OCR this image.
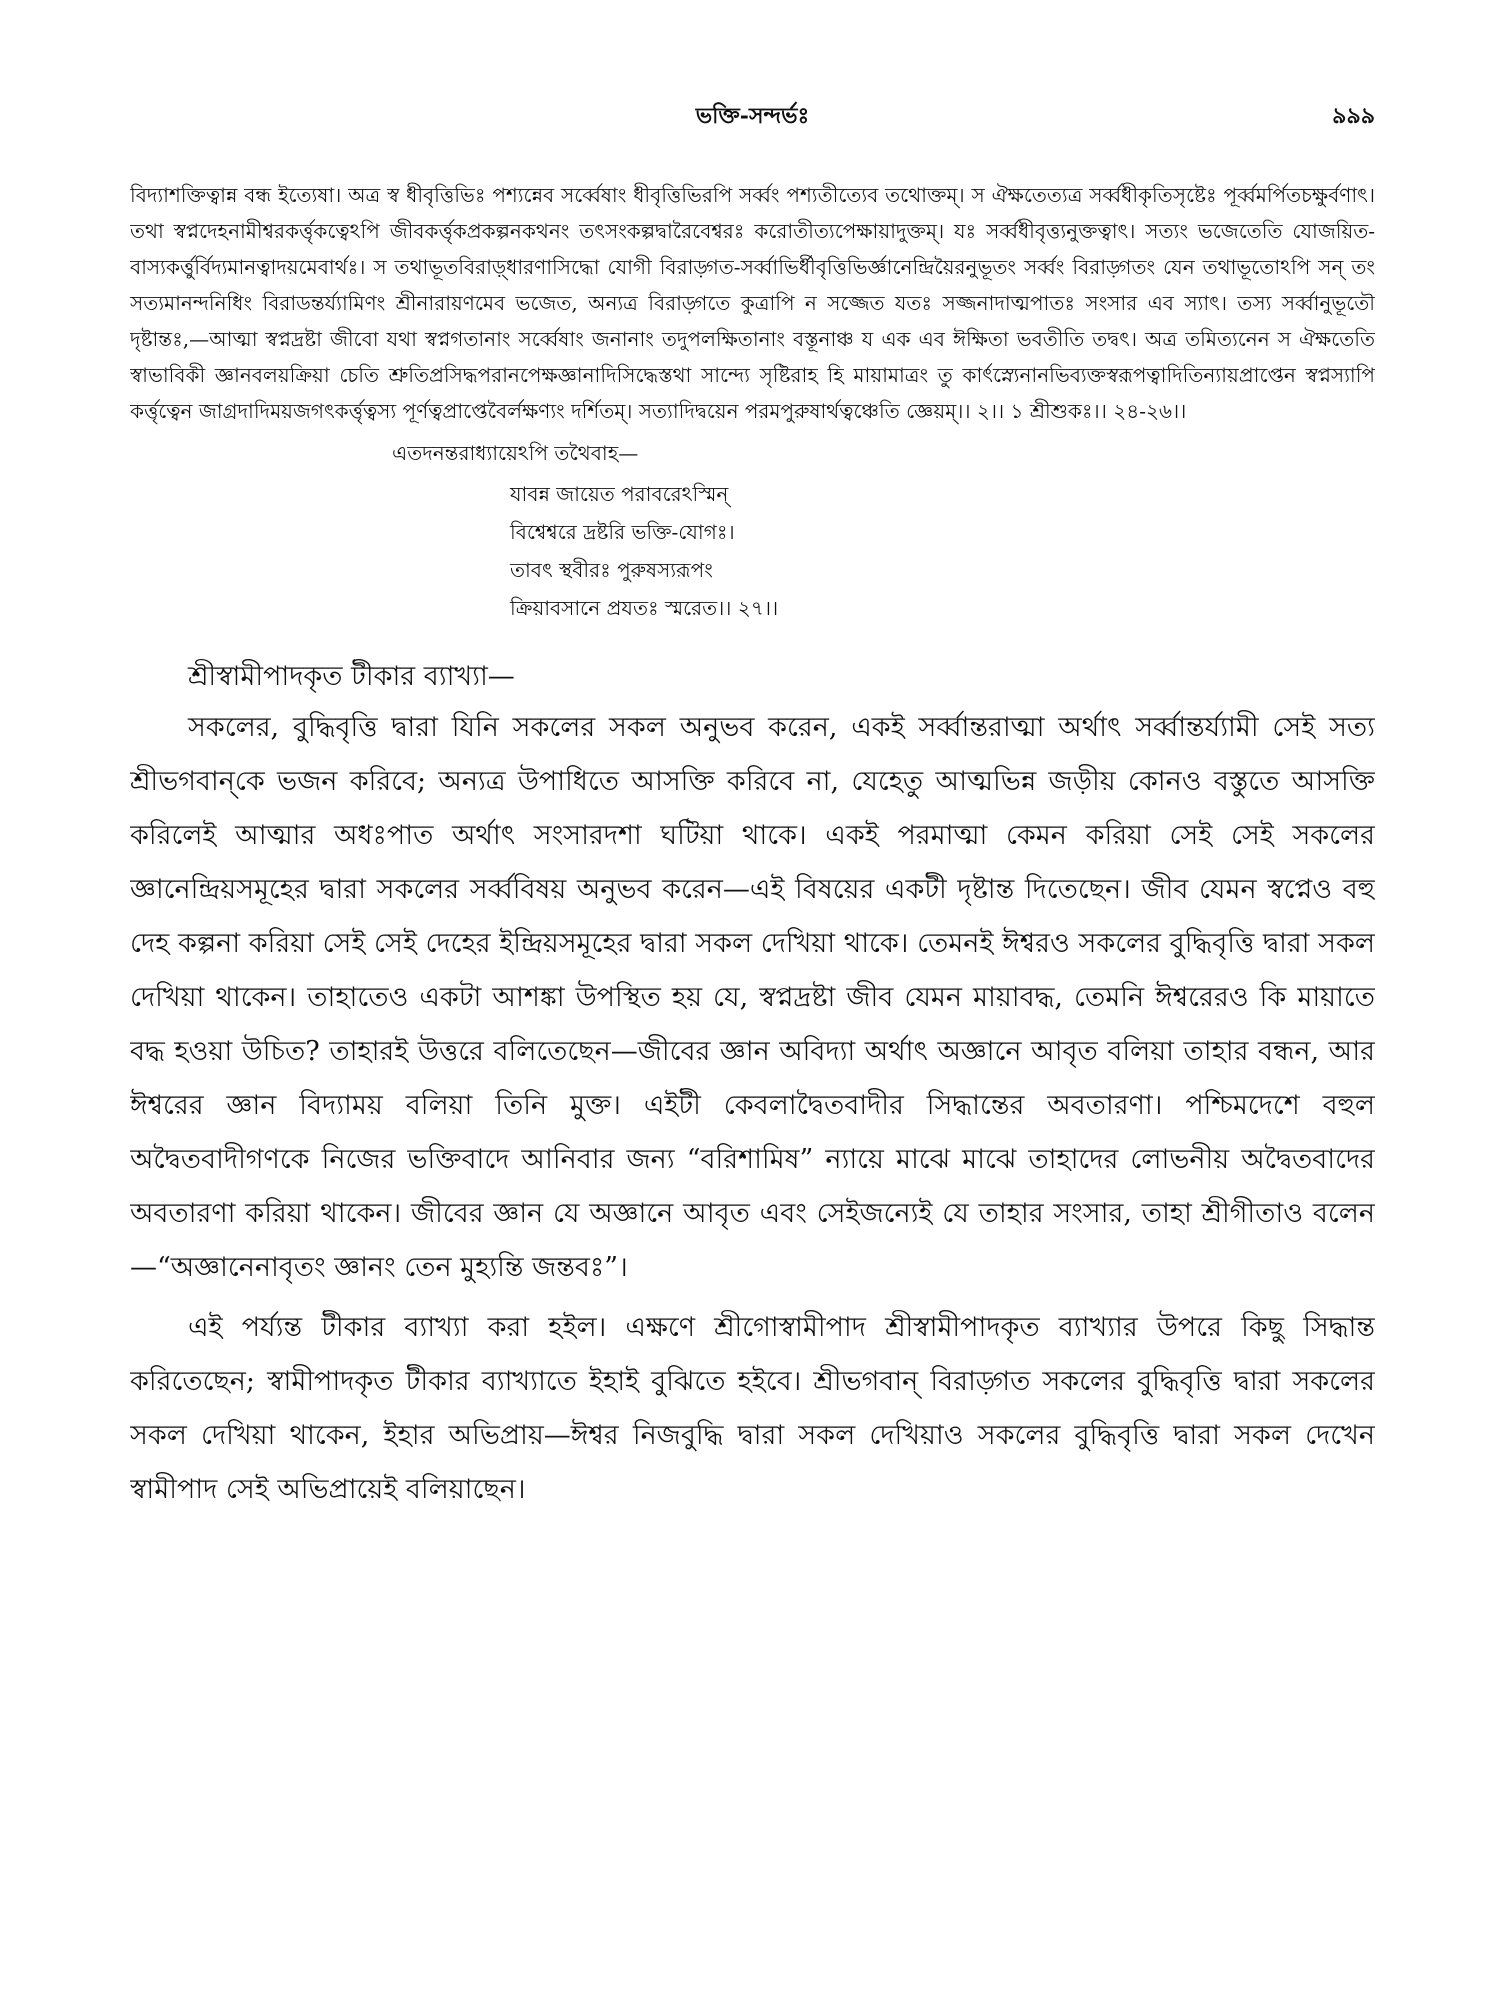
ভক্তি-সন্দর্ভঃ	৯৯৯

বিদ্যাশক্তিত্বান্ন বন্ধ ইত্যেষা। অত্র স্ব ধীবৃত্তিভিঃ পশ্যন্নেব সর্ব্বেষাং ধীবৃত্তিভিরপি সর্ব্বং পশ্যতীত্যেব তথোক্তম্। স ঐক্ষতেত্যত্র সর্ব্বধীকৃতিসৃষ্টেঃ পূর্ব্বমর্পিতচক্ষুর্বণাৎ। তথা স্বপ্নদেহনামীশ্বরকর্ত্তৃকত্বেঽপি জীবকর্ত্তৃকপ্রকল্পনকথনং তৎসংকল্পদ্বারৈবেশ্বরঃ করোতীত্যপেক্ষায়াদুক্তম্। যঃ সর্ব্বধীবৃত্ত্যনুক্তত্বাৎ। সত্যং ভজেতেতি যোজয়িত-বাস্যকর্ত্তুর্বিদ্যমানত্বাদয়মেবার্থঃ। স তথাভূতবিরাড়্ধারণাসিদ্ধো যোগী বিরাড়্গত-সর্ব্বাভির্ধীবৃত্তিভির্জ্ঞানেন্দ্রিয়ৈরনুভূতং সর্ব্বং বিরাড়্গতং যেন তথাভূতোঽপি সন্ তং সত্যমানন্দনিধিং বিরাডন্তর্য্যামিণং শ্রীনারায়ণমেব ভজেত, অন্যত্র বিরাড়্গতে কুত্রাপি ন সজ্জেত যতঃ সজ্জনাদাত্মপাতঃ সংসার এব স্যাৎ। তস্য সর্ব্বানুভূতৌ দৃষ্টান্তঃ,—আত্মা স্বপ্নদ্রষ্টা জীবো যথা স্বপ্নগতানাং সর্ব্বেষাং জনানাং তদুপলক্ষিতানাং বস্তূনাঞ্চ য এক এব ঈক্ষিতা ভবতীতি তদ্বৎ। অত্র তমিত্যনেন স ঐক্ষতেতি স্বাভাবিকী জ্ঞানবলয়ক্রিয়া চেতি শ্রুতিপ্রসিদ্ধপরানপেক্ষজ্ঞানাদিসিদ্ধেস্তথা সান্দ্যে সৃষ্টিরাহ হি মায়ামাত্রং তু কার্ৎস্ন্যেনানভিব্যক্তস্বরূপত্বাদিতিন্যায়প্রাপ্তেন স্বপ্নস্যাপি কর্ত্তৃত্বেন জাগ্রদাদিময়জগৎকর্ত্তৃত্বস্য পূর্ণত্বপ্রাপ্তেবৈর্লক্ষণ্যং দর্শিতম্। সত্যাদিদ্বয়েন পরমপুরুষার্থত্বঞ্চেতি জ্ঞেয়ম্।। ২।। ১ শ্রীশুকঃ।। ২৪-২৬।।

এতদনন্তরাধ্যায়েঽপি তথৈবাহ—
যাবন্ন জায়েত পরাবরেঽস্মিন্
বিশ্বেশ্বরে দ্রষ্টরি ভক্তি-যোগঃ।
তাবৎ স্থবীরঃ পুরুষস্যরূপং
ক্রিয়াবসানে প্রযতঃ স্মরেত।। ২৭।।
শ্রীস্বামীপাদকৃত টীকার ব্যাখ্যা—

সকলের, বুদ্ধিবৃত্তি দ্বারা যিনি সকলের সকল অনুভব করেন, একই সর্ব্বান্তরাত্মা অর্থাৎ সর্ব্বান্তর্য্যামী সেই সত্য শ্রীভগবান্‌কে ভজন করিবে; অন্যত্র উপাধিতে আসক্তি করিবে না, যেহেতু আত্মভিন্ন জড়ীয় কোনও বস্তুতে আসক্তি করিলেই আত্মার অধঃপাত অর্থাৎ সংসারদশা ঘটিয়া থাকে। একই পরমাত্মা কেমন করিয়া সেই সেই সকলের জ্ঞানেন্দ্রিয়সমূহের দ্বারা সকলের সর্ব্ববিষয় অনুভব করেন—এই বিষয়ের একটী দৃষ্টান্ত দিতেছেন। জীব যেমন স্বপ্নেও বহু দেহ কল্পনা করিয়া সেই সেই দেহের ইন্দ্রিয়সমূহের দ্বারা সকল দেখিয়া থাকে। তেমনই ঈশ্বরও সকলের বুদ্ধিবৃত্তি দ্বারা সকল দেখিয়া থাকেন। তাহাতেও একটা আশঙ্কা উপস্থিত হয় যে, স্বপ্নদ্রষ্টা জীব যেমন মায়াবদ্ধ, তেমনি ঈশ্বরেরও কি মায়াতে বদ্ধ হওয়া উচিত? তাহারই উত্তরে বলিতেছেন—জীবের জ্ঞান অবিদ্যা অর্থাৎ অজ্ঞানে আবৃত বলিয়া তাহার বন্ধন, আর ঈশ্বরের জ্ঞান বিদ্যাময় বলিয়া তিনি মুক্ত। এইটী কেবলাদ্বৈতবাদীর সিদ্ধান্তের অবতারণা। পশ্চিমদেশে বহুল অদ্বৈতবাদীগণকে নিজের ভক্তিবাদে আনিবার জন্য “বরিশামিষ” ন্যায়ে মাঝে মাঝে তাহাদের লোভনীয় অদ্বৈতবাদের অবতারণা করিয়া থাকেন। জীবের জ্ঞান যে অজ্ঞানে আবৃত এবং সেইজন্যেই যে তাহার সংসার, তাহা শ্রীগীতাও বলেন—“অজ্ঞানেনাবৃতং জ্ঞানং তেন মুহ্যন্তি জন্তবঃ”।

এই পর্য্যন্ত টীকার ব্যাখ্যা করা হইল। এক্ষণে শ্রীগোস্বামীপাদ শ্রীস্বামীপাদকৃত ব্যাখ্যার উপরে কিছু সিদ্ধান্ত করিতেছেন; স্বামীপাদকৃত টীকার ব্যাখ্যাতে ইহাই বুঝিতে হইবে। শ্রীভগবান্ বিরাড়্গত সকলের বুদ্ধিবৃত্তি দ্বারা সকলের সকল দেখিয়া থাকেন, ইহার অভিপ্রায়—ঈশ্বর নিজবুদ্ধি দ্বারা সকল দেখিয়াও সকলের বুদ্ধিবৃত্তি দ্বারা সকল দেখেন স্বামীপাদ সেই অভিপ্রায়েই বলিয়াছেন।
